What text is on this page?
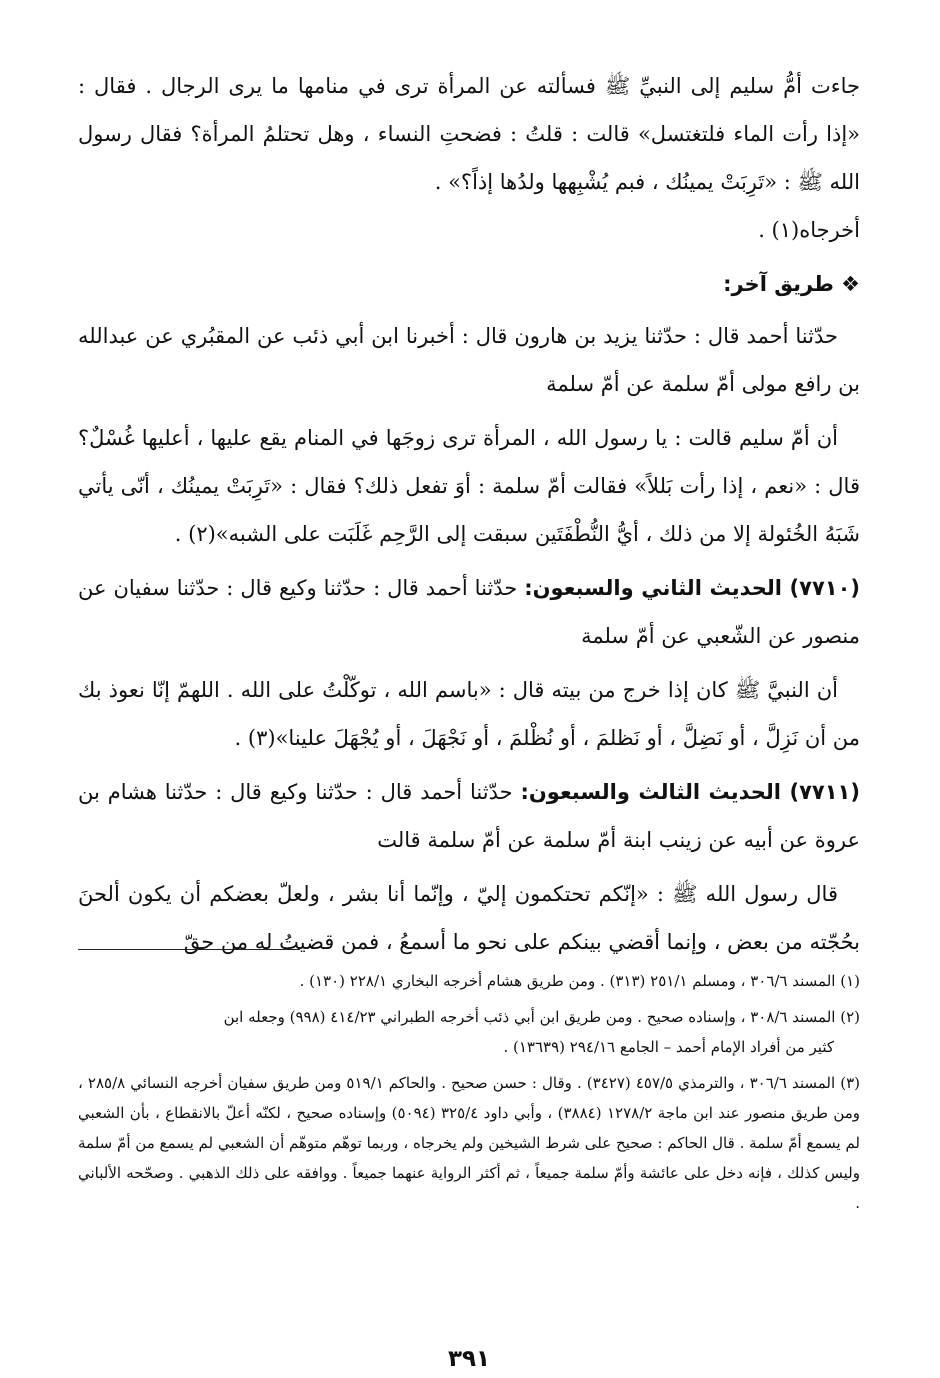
جاءت أمُّ سليم إلى النبيِّ ﷺ فسألته عن المرأة ترى في منامها ما يرى الرجال . فقال : «إذا رأت الماء فلتغتسل» قالت : قلتُ : فضحتِ النساء ، وهل تحتلمُ المرأة؟ فقال رسول الله ﷺ : «تَرِبَتْ يمينُك ، فبم يُشْبِهها ولدُها إذاً؟» .

أخرجاه(١) .

❖ طريق آخر:

حدّثنا أحمد قال : حدّثنا يزيد بن هارون قال : أخبرنا ابن أبي ذئب عن المقبُري عن عبدالله بن رافع مولى أمّ سلمة عن أمّ سلمة

أن أمّ سليم قالت : يا رسول الله ، المرأة ترى زوجَها في المنام يقع عليها ، أعليها غُسْلٌ؟ قال : «نعم ، إذا رأت بَللاً» فقالت أمّ سلمة : أوَ تفعل ذلك؟ فقال : «تَرِبَتْ يمينُك ، أنّى يأتي شَبَهُ الخُئولة إلا من ذلك ، أيُّ النُّطْفَتَين سبقت إلى الرَّحِم غَلَبَت على الشبه»(٢) .

(٧٧١٠) الحديث الثاني والسبعون: حدّثنا أحمد قال : حدّثنا وكيع قال : حدّثنا سفيان عن منصور عن الشّعبي عن أمّ سلمة

أن النبيَّ ﷺ كان إذا خرج من بيته قال : «باسم الله ، توكّلْتُ على الله . اللهمّ إنّا نعوذ بك من أن نَزِلَّ ، أو نَضِلَّ ، أو نَظلمَ ، أو نُظْلمَ ، أو نَجْهَلَ ، أو يُجْهَلَ علينا»(٣) .

(٧٧١١) الحديث الثالث والسبعون: حدّثنا أحمد قال : حدّثنا وكيع قال : حدّثنا هشام بن عروة عن أبيه عن زينب ابنة أمّ سلمة عن أمّ سلمة قالت

قال رسول الله ﷺ : «إنّكم تحتكمون إليّ ، وإنّما أنا بشر ، ولعلّ بعضكم أن يكون ألحنَ بحُجّته من بعض ، وإنما أقضي بينكم على نحو ما أسمعُ ، فمن قضيتُ له من حقّ

(١) المسند ٣٠٦/٦ ، ومسلم ٢٥١/١ (٣١٣) . ومن طريق هشام أخرجه البخاري ٢٢٨/١ (١٣٠) .

(٢) المسند ٣٠٨/٦ ، وإسناده صحيح . ومن طريق ابن أبي ذئب أخرجه الطبراني ٤١٤/٢٣ (٩٩٨) وجعله ابن

كثير من أفراد الإمام أحمد – الجامع ٢٩٤/١٦ (١٣٦٣٩) .

(٣) المسند ٣٠٦/٦ ، والترمذي ٤٥٧/٥ (٣٤٢٧) . وقال : حسن صحيح . والحاكم ٥١٩/١ ومن طريق سفيان أخرجه النسائي ٢٨٥/٨ ، ومن طريق منصور عند ابن ماجة ١٢٧٨/٢ (٣٨٨٤) ، وأبي داود ٣٢٥/٤ (٥٠٩٤) وإسناده صحيح ، لكنّه أعلّ بالانقطاع ، بأن الشعبي لم يسمع أمّ سلمة . قال الحاكم : صحيح على شرط الشيخين ولم يخرجاه ، وربما توهّم متوهّم أن الشعبي لم يسمع من أمّ سلمة وليس كذلك ، فإنه دخل على عائشة وأمّ سلمة جميعاً ، ثم أكثر الرواية عنهما جميعاً . ووافقه على ذلك الذهبي . وصحّحه الألباني .

٣٩١
